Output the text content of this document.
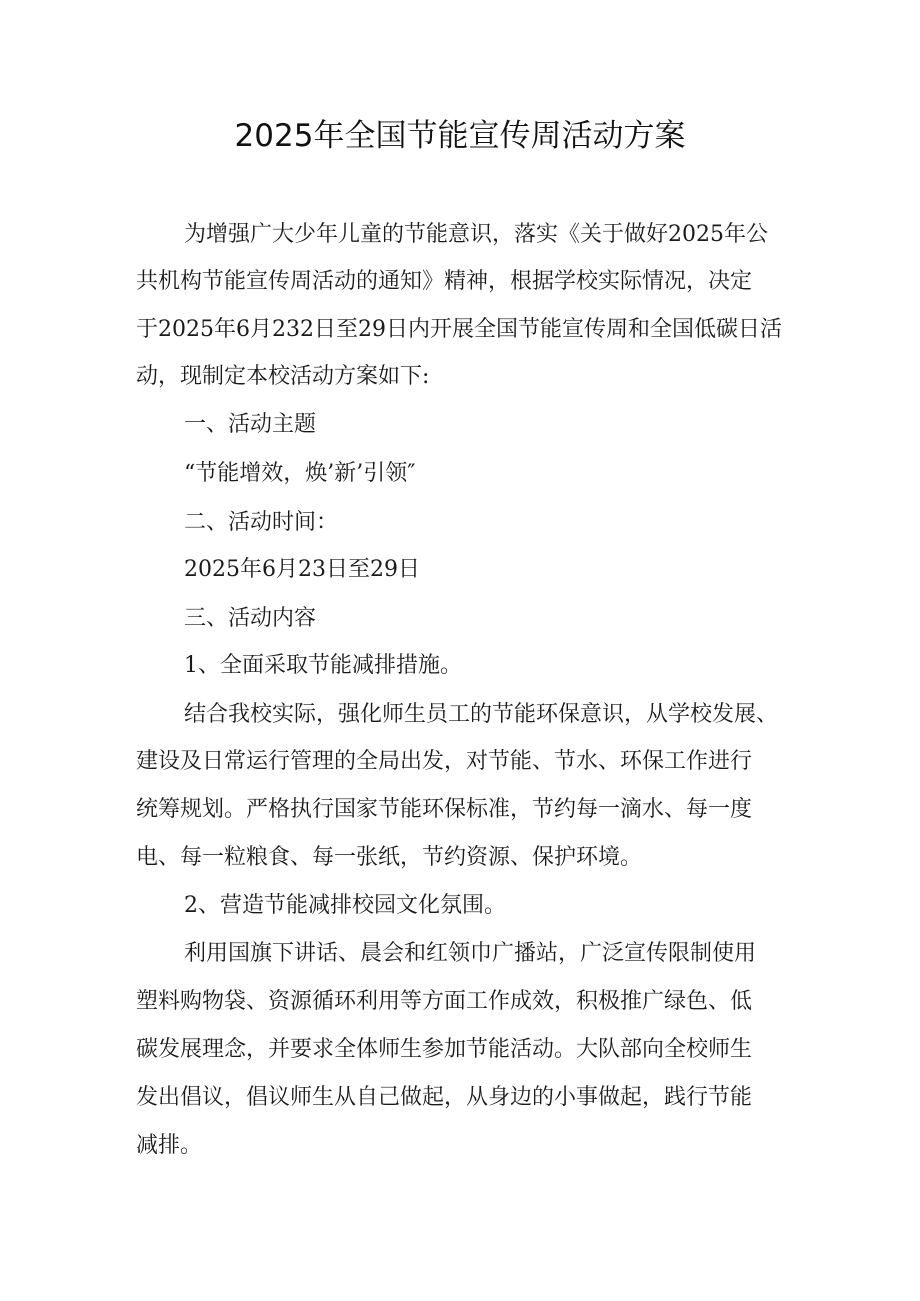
2025年全国节能宣传周活动方案
为增强广大少年儿童的节能意识，落实《关于做好2025年公
共机构节能宣传周活动的通知》精神，根据学校实际情况，决定
于2025年6月232日至29日内开展全国节能宣传周和全国低碳日活
动，现制定本校活动方案如下:
一、活动主题
“节能增效，焕’新’引领″
二、活动时间：
2025年6月23日至29日
三、活动内容
1、全面采取节能减排措施。
结合我校实际，强化师生员工的节能环保意识，从学校发展、
建设及日常运行管理的全局出发，对节能、节水、环保工作进行
统筹规划。严格执行国家节能环保标准，节约每一滴水、每一度
电、每一粒粮食、每一张纸，节约资源、保护环境。
2、营造节能减排校园文化氛围。
利用国旗下讲话、晨会和红领巾广播站，广泛宣传限制使用
塑料购物袋、资源循环利用等方面工作成效，积极推广绿色、低
碳发展理念，并要求全体师生参加节能活动。大队部向全校师生
发出倡议，倡议师生从自己做起，从身边的小事做起，践行节能
减排。
